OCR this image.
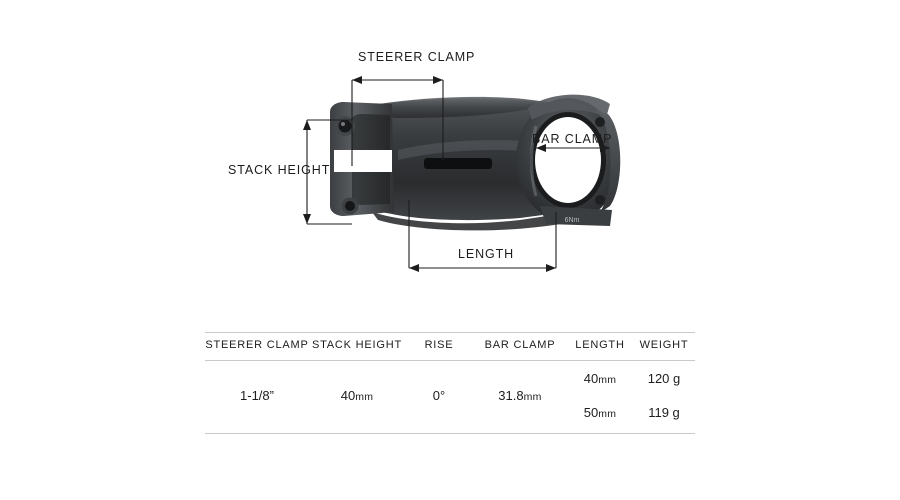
6Nm
STEERER CLAMP
STACK HEIGHT
BAR CLAMP
LENGTH
STEERER CLAMP	STACK HEIGHT	RISE	BAR CLAMP	LENGTH	WEIGHT
1-1/8”	40mm	0°	31.8mm	40mm	120 g
				50mm	119 g
